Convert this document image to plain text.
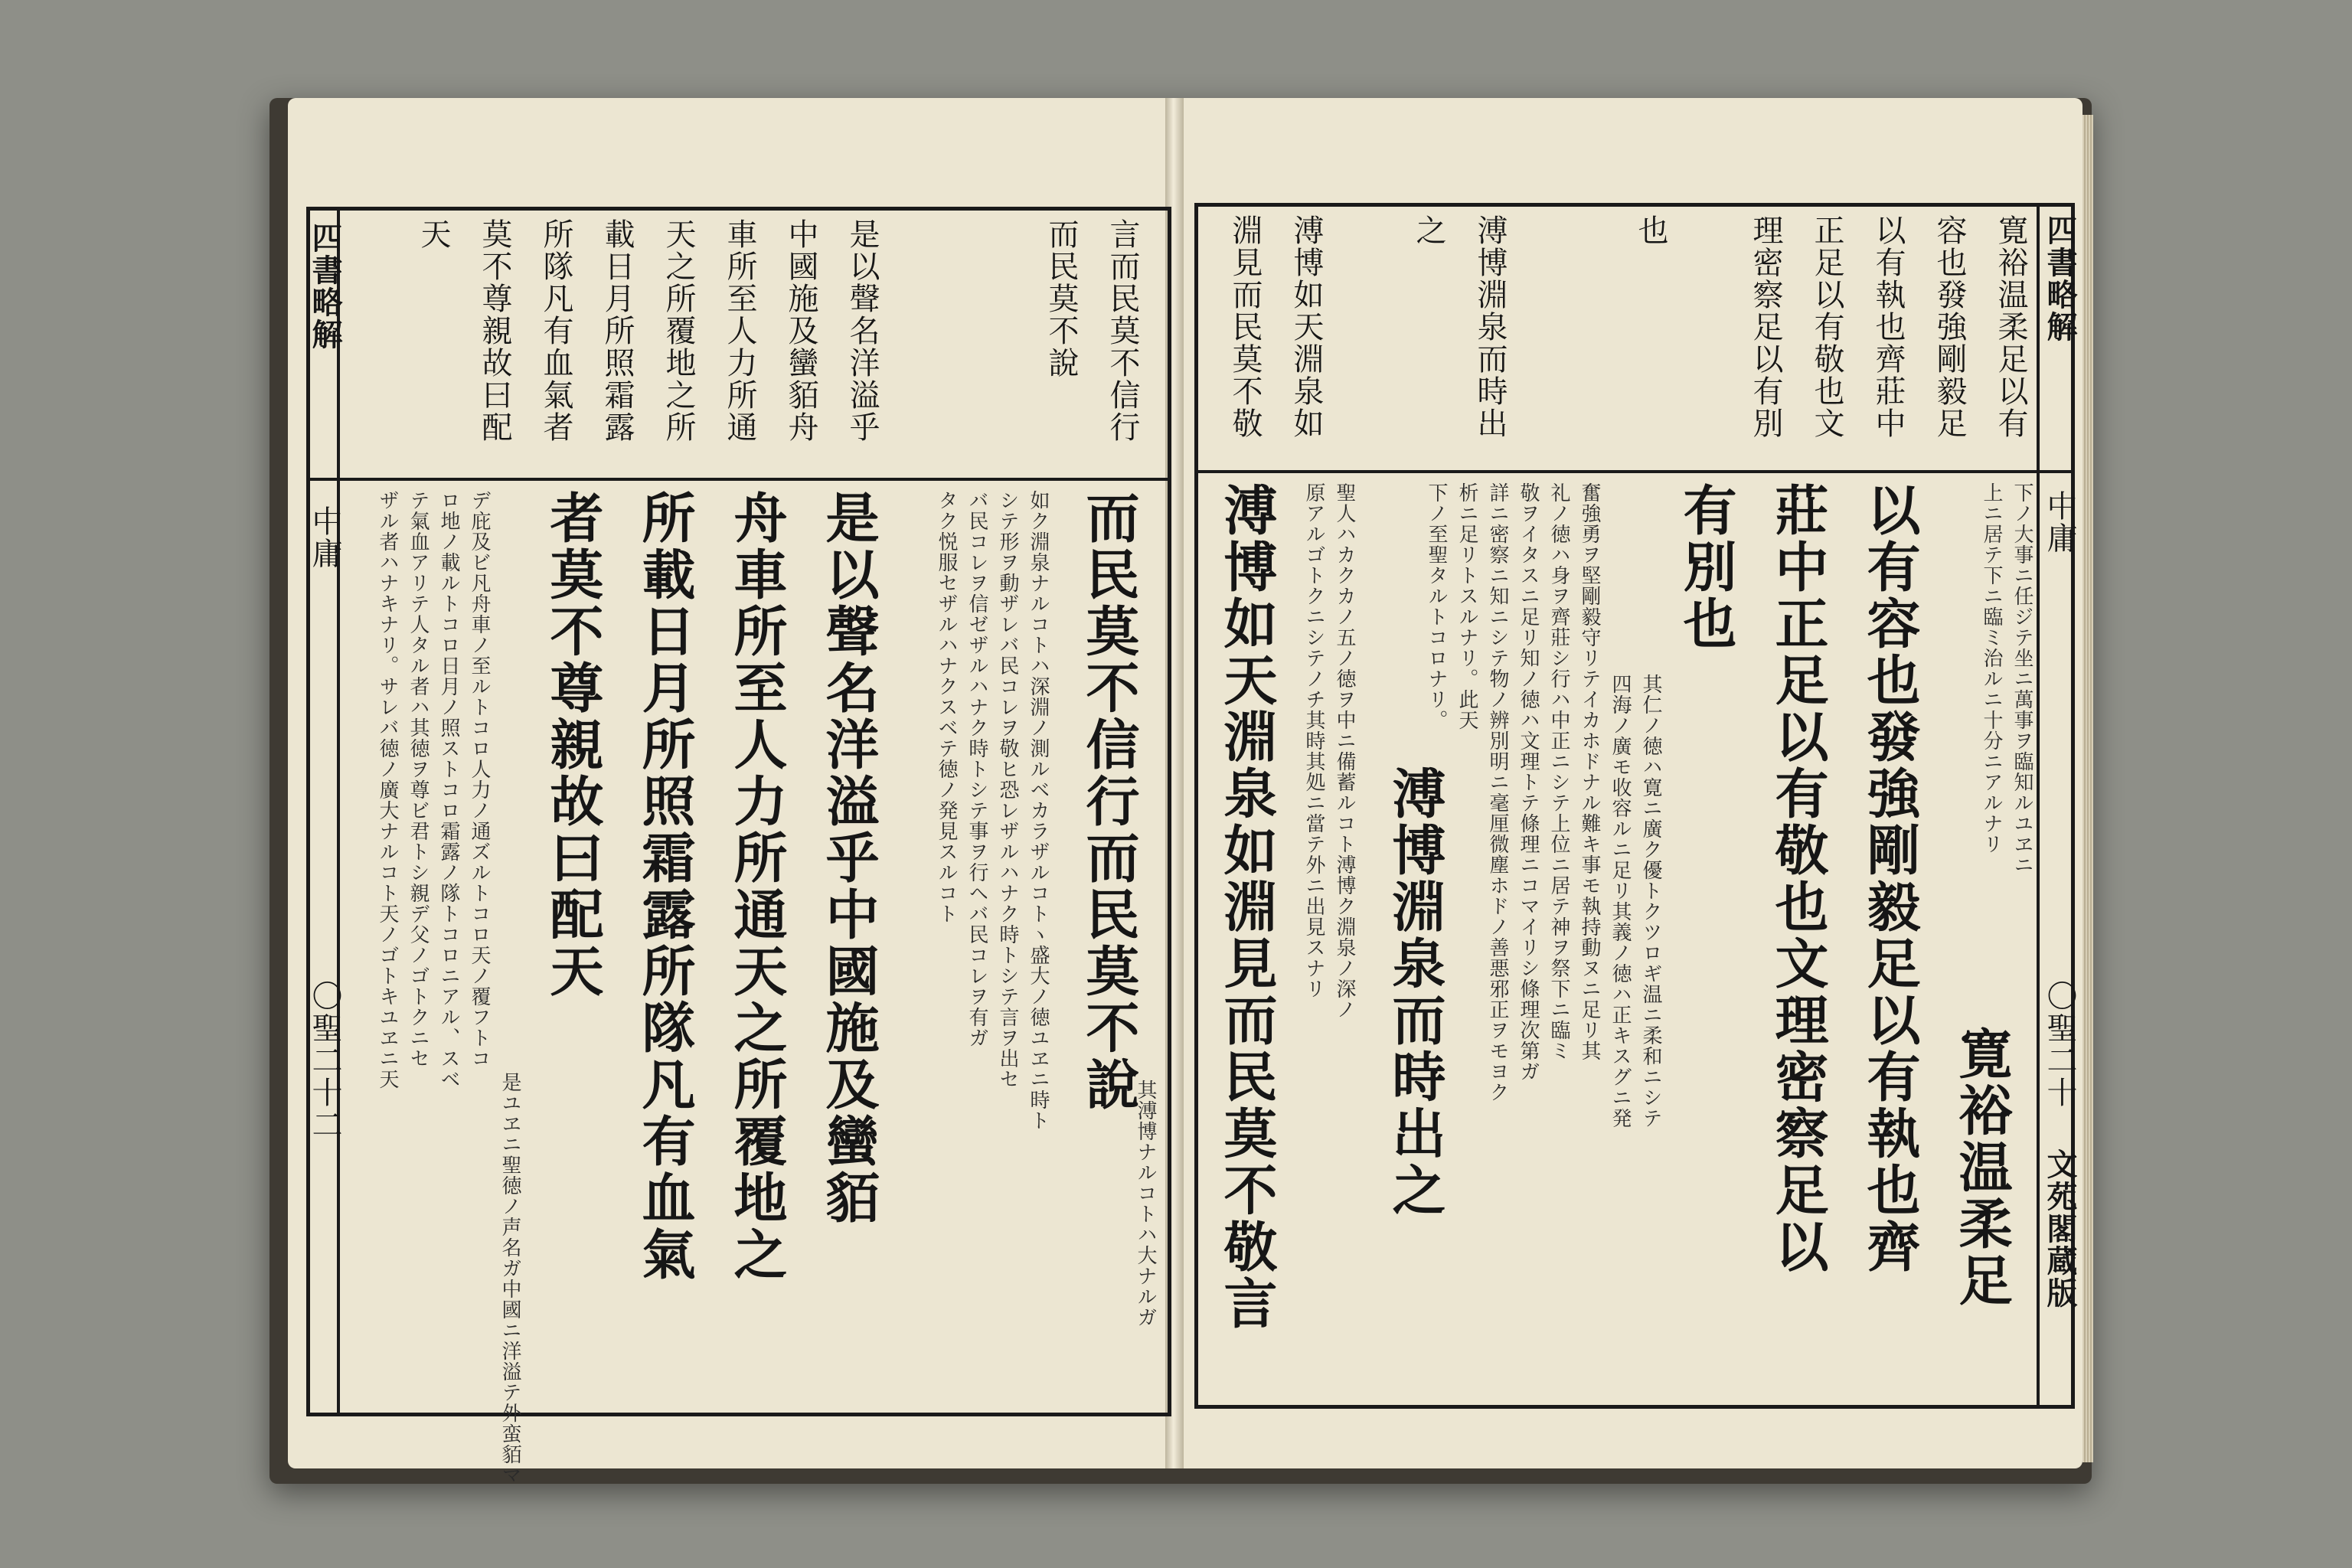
言而民莫不信行
而民莫不說
是以聲名洋溢乎
中國施及蠻貊舟
車所至人力所通
天之所覆地之所
載日月所照霜露
所隊凡有血氣者
莫不尊親故曰配
天
而民莫不信行而民莫不說
是以聲名洋溢乎中國施及蠻貊
舟車所至人力所通天之所覆地之
所載日月所照霜露所隊凡有血氣
者莫不尊親故曰配天
其溥博ナルコトハ大ナルガ
如ク淵泉ナルコトハ深淵ノ測ルベカラザルコトヽ盛大ノ徳ユヱニ時ト
シテ形ヲ動ザレバ民コレヲ敬ヒ恐レザルハナク時トシテ言ヲ出セ
バ民コレヲ信ゼザルハナク時トシテ事ヲ行ヘバ民コレヲ有ガ
タク悦服セザルハナクスベテ徳ノ発見スルコト
是ユヱニ聖徳ノ声名ガ中國ニ洋溢テ外蛮貊マ
デ庇及ビ凡舟車ノ至ルトコロ人力ノ通ズルトコロ天ノ覆フトコ
ロ地ノ載ルトコロ日月ノ照ストコロ霜露ノ隊トコロニアル、スベ
テ氣血アリテ人タル者ハ其徳ヲ尊ビ君トシ親デ父ノゴトクニセ
ザル者ハナキナリ。サレバ徳ノ廣大ナルコト天ノゴトキユヱニ天
四書略解
中庸
〇聖二十二
寛裕温柔足以有
容也發強剛毅足
以有執也齊莊中
正足以有敬也文
理密察足以有別
也
溥博淵泉而時出
之
溥博如天淵泉如
淵見而民莫不敬
寛裕温柔足
以有容也發強剛毅足以有執也齊
莊中正足以有敬也文理密察足以
有別也
溥博淵泉而時出之
溥博如天淵泉如淵見而民莫不敬言	下ノ大事ニ任ジテ坐ニ萬事ヲ臨知ルユヱニ
上ニ居テ下ニ臨ミ治ルニ十分ニアルナリ
其仁ノ徳ハ寛ニ廣ク優トクツロギ温ニ柔和ニシテ
四海ノ廣モ收容ルニ足リ其義ノ徳ハ正キスグニ発
奮強勇ヲ堅剛毅守リテイカホドナル難キ事モ執持動ヌニ足リ其
礼ノ徳ハ身ヲ齊莊シ行ハ中正ニシテ上位ニ居テ神ヲ祭下ニ臨ミ
敬ヲイタスニ足リ知ノ徳ハ文理トテ條理ニコマイリシ條理次第ガ
詳ニ密察ニ知ニシテ物ノ辨別明ニ毫厘微塵ホドノ善悪邪正ヲモヨク
析ニ足リトスルナリ。此天
下ノ至聖タルトコロナリ。
聖人ハカクカノ五ノ徳ヲ中ニ備蓄ルコト溥博ク淵泉ノ深ノ
原アルゴトクニシテノチ其時其処ニ當テ外ニ出見スナリ
四書略解
中庸
〇聖二十
文苑閣蔵版
